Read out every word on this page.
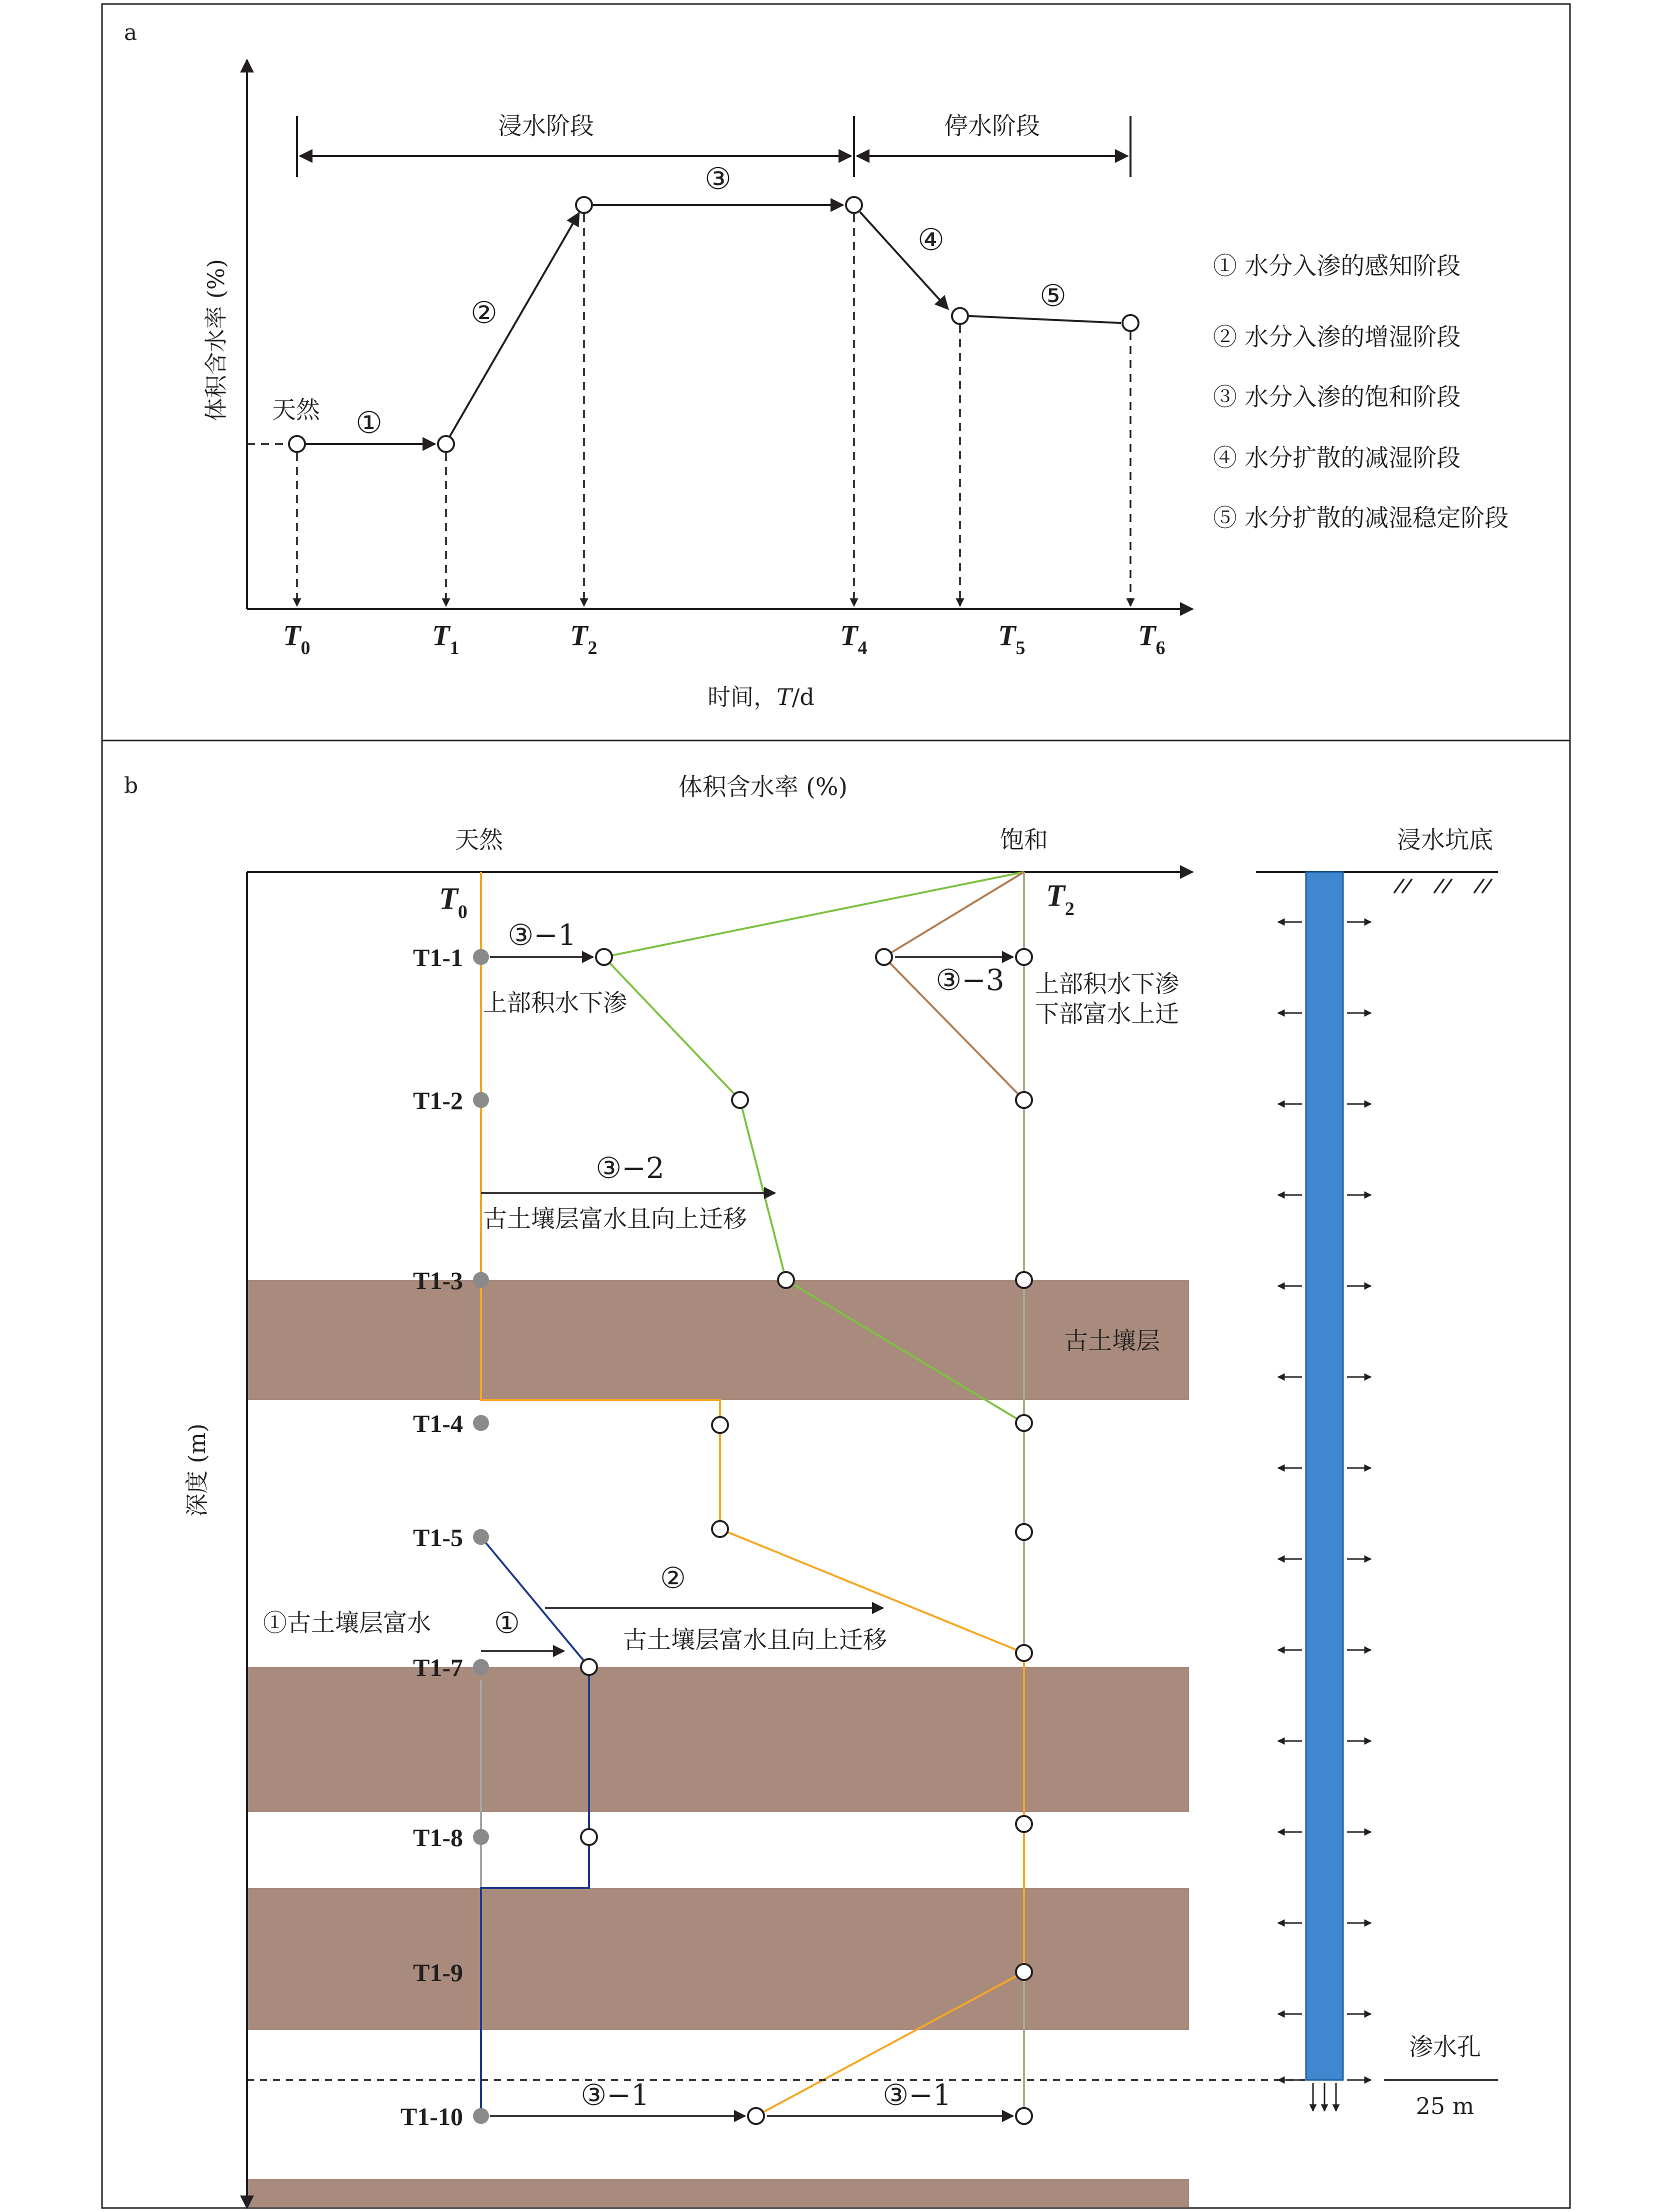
a
体积含水率 (%)
浸水阶段	停水阶段
天然 ①
②
③
④
⑤
$T_0$	$T_1$	$T_2$	$T_4$	$T_5$	$T_6$
时间，T/d
① 水分入渗的感知阶段
② 水分入渗的增湿阶段
③ 水分入渗的饱和阶段
④ 水分扩散的减湿阶段
⑤ 水分扩散的减湿稳定阶段
b	体积含水率 (%)
古土壤层
深度 (m)
天然	饱和
$T_0$	$T_2$
T1-1
T1-2
T1-3
T1-4
T1-5
T1-7
T1-8
T1-9
T1-10
③−1
上部积水下渗
③−3 上部积水下渗
下部富水上迁
③−2
古土壤层富水且向上迁移
②
古土壤层富水且向上迁移
①
①古土壤层富水
③−1	③−1
浸水坑底
渗水孔
25 m
